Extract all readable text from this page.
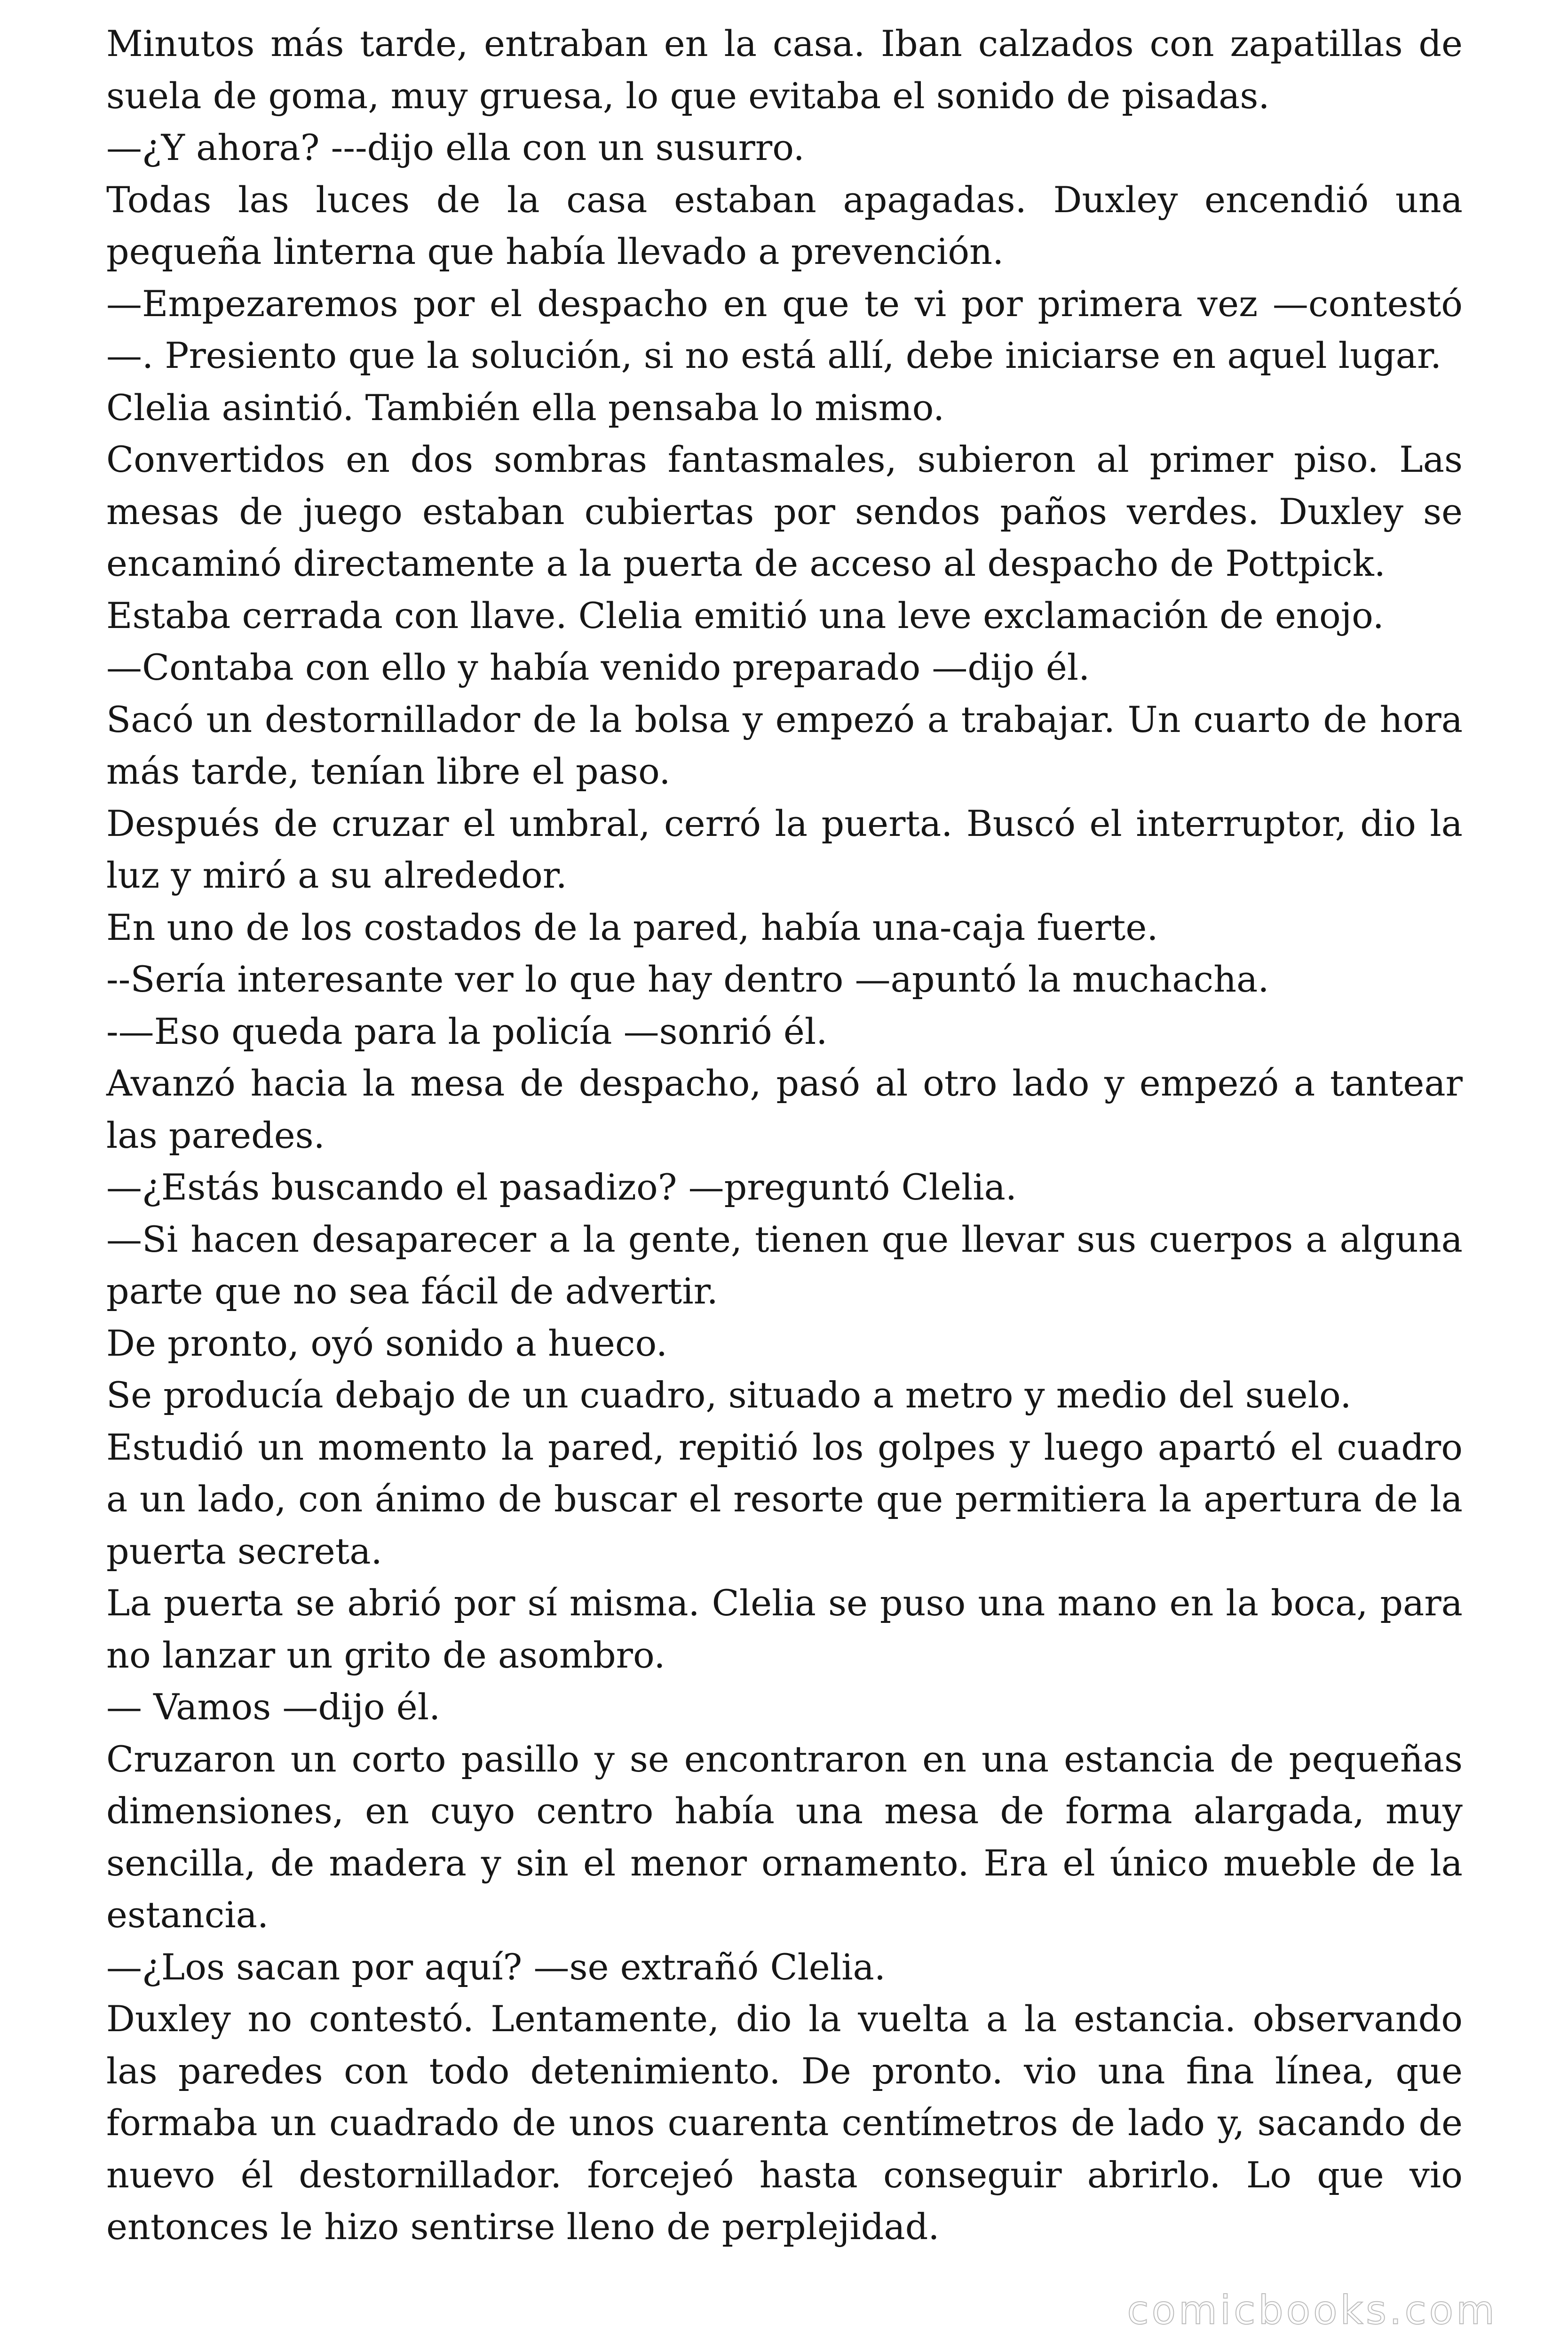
Minutos más tarde, entraban en la casa. Iban calzados con zapatillas de suela de goma, muy gruesa, lo que evitaba el sonido de pisadas.

—¿Y ahora? ---dijo ella con un susurro.

Todas las luces de la casa estaban apagadas. Duxley encendió una pequeña linterna que había llevado a prevención.

—Empezaremos por el despacho en que te vi por primera vez —contestó—. Presiento que la solución, si no está allí, debe iniciarse en aquel lugar.

Clelia asintió. También ella pensaba lo mismo.

Convertidos en dos sombras fantasmales, subieron al primer piso. Las mesas de juego estaban cubiertas por sendos paños verdes. Duxley se encaminó directamente a la puerta de acceso al despacho de Pottpick.

Estaba cerrada con llave. Clelia emitió una leve exclamación de enojo.

—Contaba con ello y había venido preparado —dijo él.

Sacó un destornillador de la bolsa y empezó a trabajar. Un cuarto de hora más tarde, tenían libre el paso.

Después de cruzar el umbral, cerró la puerta. Buscó el interruptor, dio la luz y miró a su alrededor.

En uno de los costados de la pared, había una-caja fuerte.

--Sería interesante ver lo que hay dentro —apuntó la muchacha.

-—Eso queda para la policía —sonrió él.

Avanzó hacia la mesa de despacho, pasó al otro lado y empezó a tantear las paredes.

—¿Estás buscando el pasadizo? —preguntó Clelia.

—Si hacen desaparecer a la gente, tienen que llevar sus cuerpos a alguna parte que no sea fácil de advertir.

De pronto, oyó sonido a hueco.

Se producía debajo de un cuadro, situado a metro y medio del suelo.

Estudió un momento la pared, repitió los golpes y luego apartó el cuadro a un lado, con ánimo de buscar el resorte que permitiera la apertura de la puerta secreta.

La puerta se abrió por sí misma. Clelia se puso una mano en la boca, para no lanzar un grito de asombro.

— Vamos —dijo él.

Cruzaron un corto pasillo y se encontraron en una estancia de pequeñas dimensiones, en cuyo centro había una mesa de forma alargada, muy sencilla, de madera y sin el menor ornamento. Era el único mueble de la estancia.

—¿Los sacan por aquí? —se extrañó Clelia.

Duxley no contestó. Lentamente, dio la vuelta a la estancia. observando las paredes con todo detenimiento. De pronto. vio una fina línea, que formaba un cuadrado de unos cuarenta centímetros de lado y, sacando de nuevo él destornillador. forcejeó hasta conseguir abrirlo. Lo que vio entonces le hizo sentirse lleno de perplejidad.

comicbooks.com
